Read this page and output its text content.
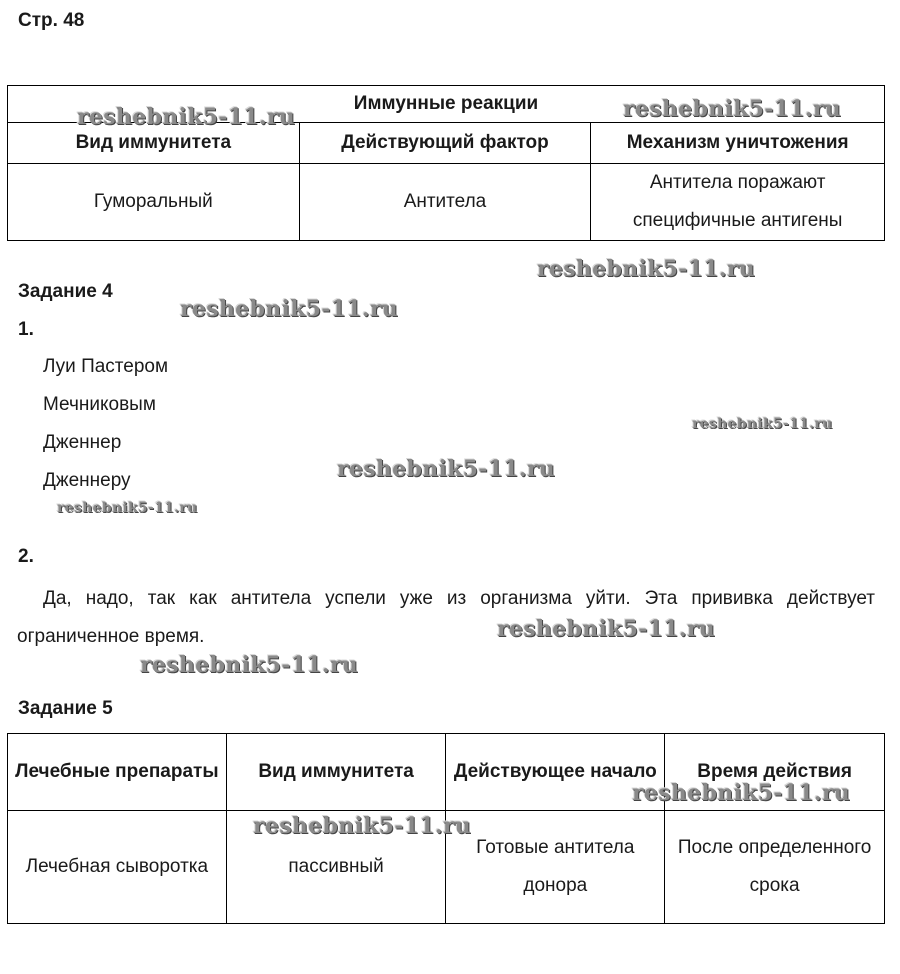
Стр. 48
Иммунные реакции		
Вид иммунитета	Действующий фактор	Механизм уничтожения
Гуморальный	Антитела	Антитела поражают специфичные антигены
Задание 4
1.
Луи Пастером
Мечниковым
Дженнер
Дженнеру
2.
Да, надо, так как антитела успели уже из организма уйти. Эта прививка действует ограниченное время.
Задание 5
Лечебные препараты	Вид иммунитета	Действующее начало	Время действия
Лечебная сыворотка	пассивный	Готовые антитела донора	После определенного срока
reshebnik5-11.ru	reshebnik5-11.ru
reshebnik5-11.ru
reshebnik5-11.ru
reshebnik5-11.ru
reshebnik5-11.ru
reshebnik5-11.ru
reshebnik5-11.ru
reshebnik5-11.ru
reshebnik5-11.ru
reshebnik5-11.ru
